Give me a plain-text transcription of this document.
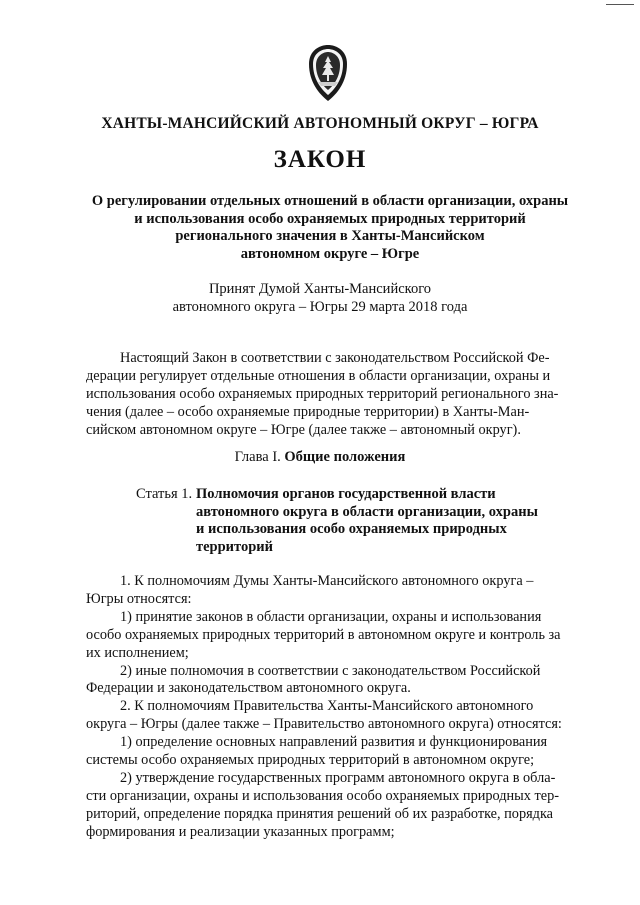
ХАНТЫ-МАНСИЙСКИЙ АВТОНОМНЫЙ ОКРУГ – ЮГРА
ЗАКОН
О регулировании отдельных отношений в области организации, охраны
и использования особо охраняемых природных территорий
регионального значения в Ханты-Мансийском
автономном округе – Югре
Принят Думой Ханты-Мансийского
автономного округа – Югры 29 марта 2018 года
Настоящий Закон в соответствии с законодательством Российской Фе-
дерации регулирует отдельные отношения в области организации, охраны и
использования особо охраняемых природных территорий регионального зна-
чения (далее – особо охраняемые природные территории) в Ханты-Ман-
сийском автономном округе – Югре (далее также – автономный округ).
Глава I. Общие положения
Статья 1. Полномочия органов государственной власти
автономного округа в области организации, охраны
и использования особо охраняемых природных
территорий
1. К полномочиям Думы Ханты-Мансийского автономного округа –
Югры относятся:
1) принятие законов в области организации, охраны и использования
особо охраняемых природных территорий в автономном округе и контроль за
их исполнением;
2) иные полномочия в соответствии с законодательством Российской
Федерации и законодательством автономного округа.
2. К полномочиям Правительства Ханты-Мансийского автономного
округа – Югры (далее также – Правительство автономного округа) относятся:
1) определение основных направлений развития и функционирования
системы особо охраняемых природных территорий в автономном округе;
2) утверждение государственных программ автономного округа в обла-
сти организации, охраны и использования особо охраняемых природных тер-
риторий, определение порядка принятия решений об их разработке, порядка
формирования и реализации указанных программ;
